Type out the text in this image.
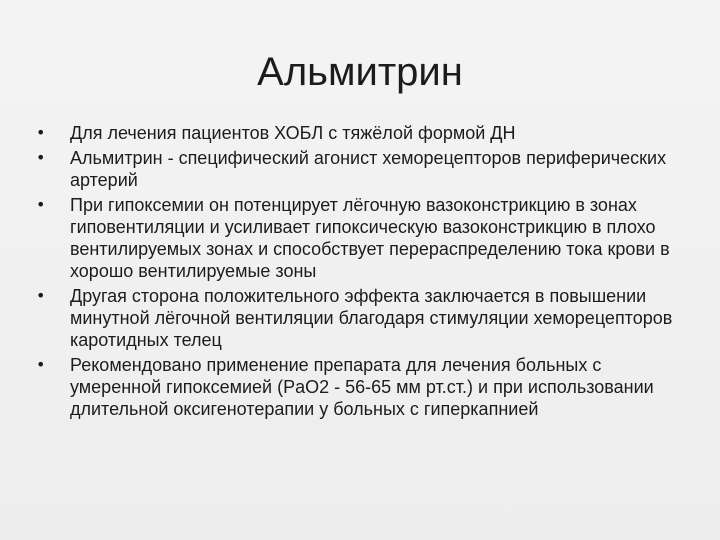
Альмитрин
• Для лечения пациентов ХОБЛ с тяжёлой формой ДН
• Альмитрин - специфический агонист хеморецепторов периферических артерий
• При гипоксемии он потенцирует лёгочную вазоконстрикцию в зонах гиповентиляции и усиливает гипоксическую вазоконстрикцию в плохо вентилируемых зонах и способствует перераспределению тока крови в хорошо вентилируемые зоны
• Другая сторона положительного эффекта заключается в повышении минутной лёгочной вентиляции благодаря стимуляции хеморецепторов каротидных телец
• Рекомендовано применение препарата для лечения больных с умеренной гипоксемией (PaO2 - 56-65 мм рт.ст.) и при использовании длительной оксигенотерапии у больных с гиперкапнией
